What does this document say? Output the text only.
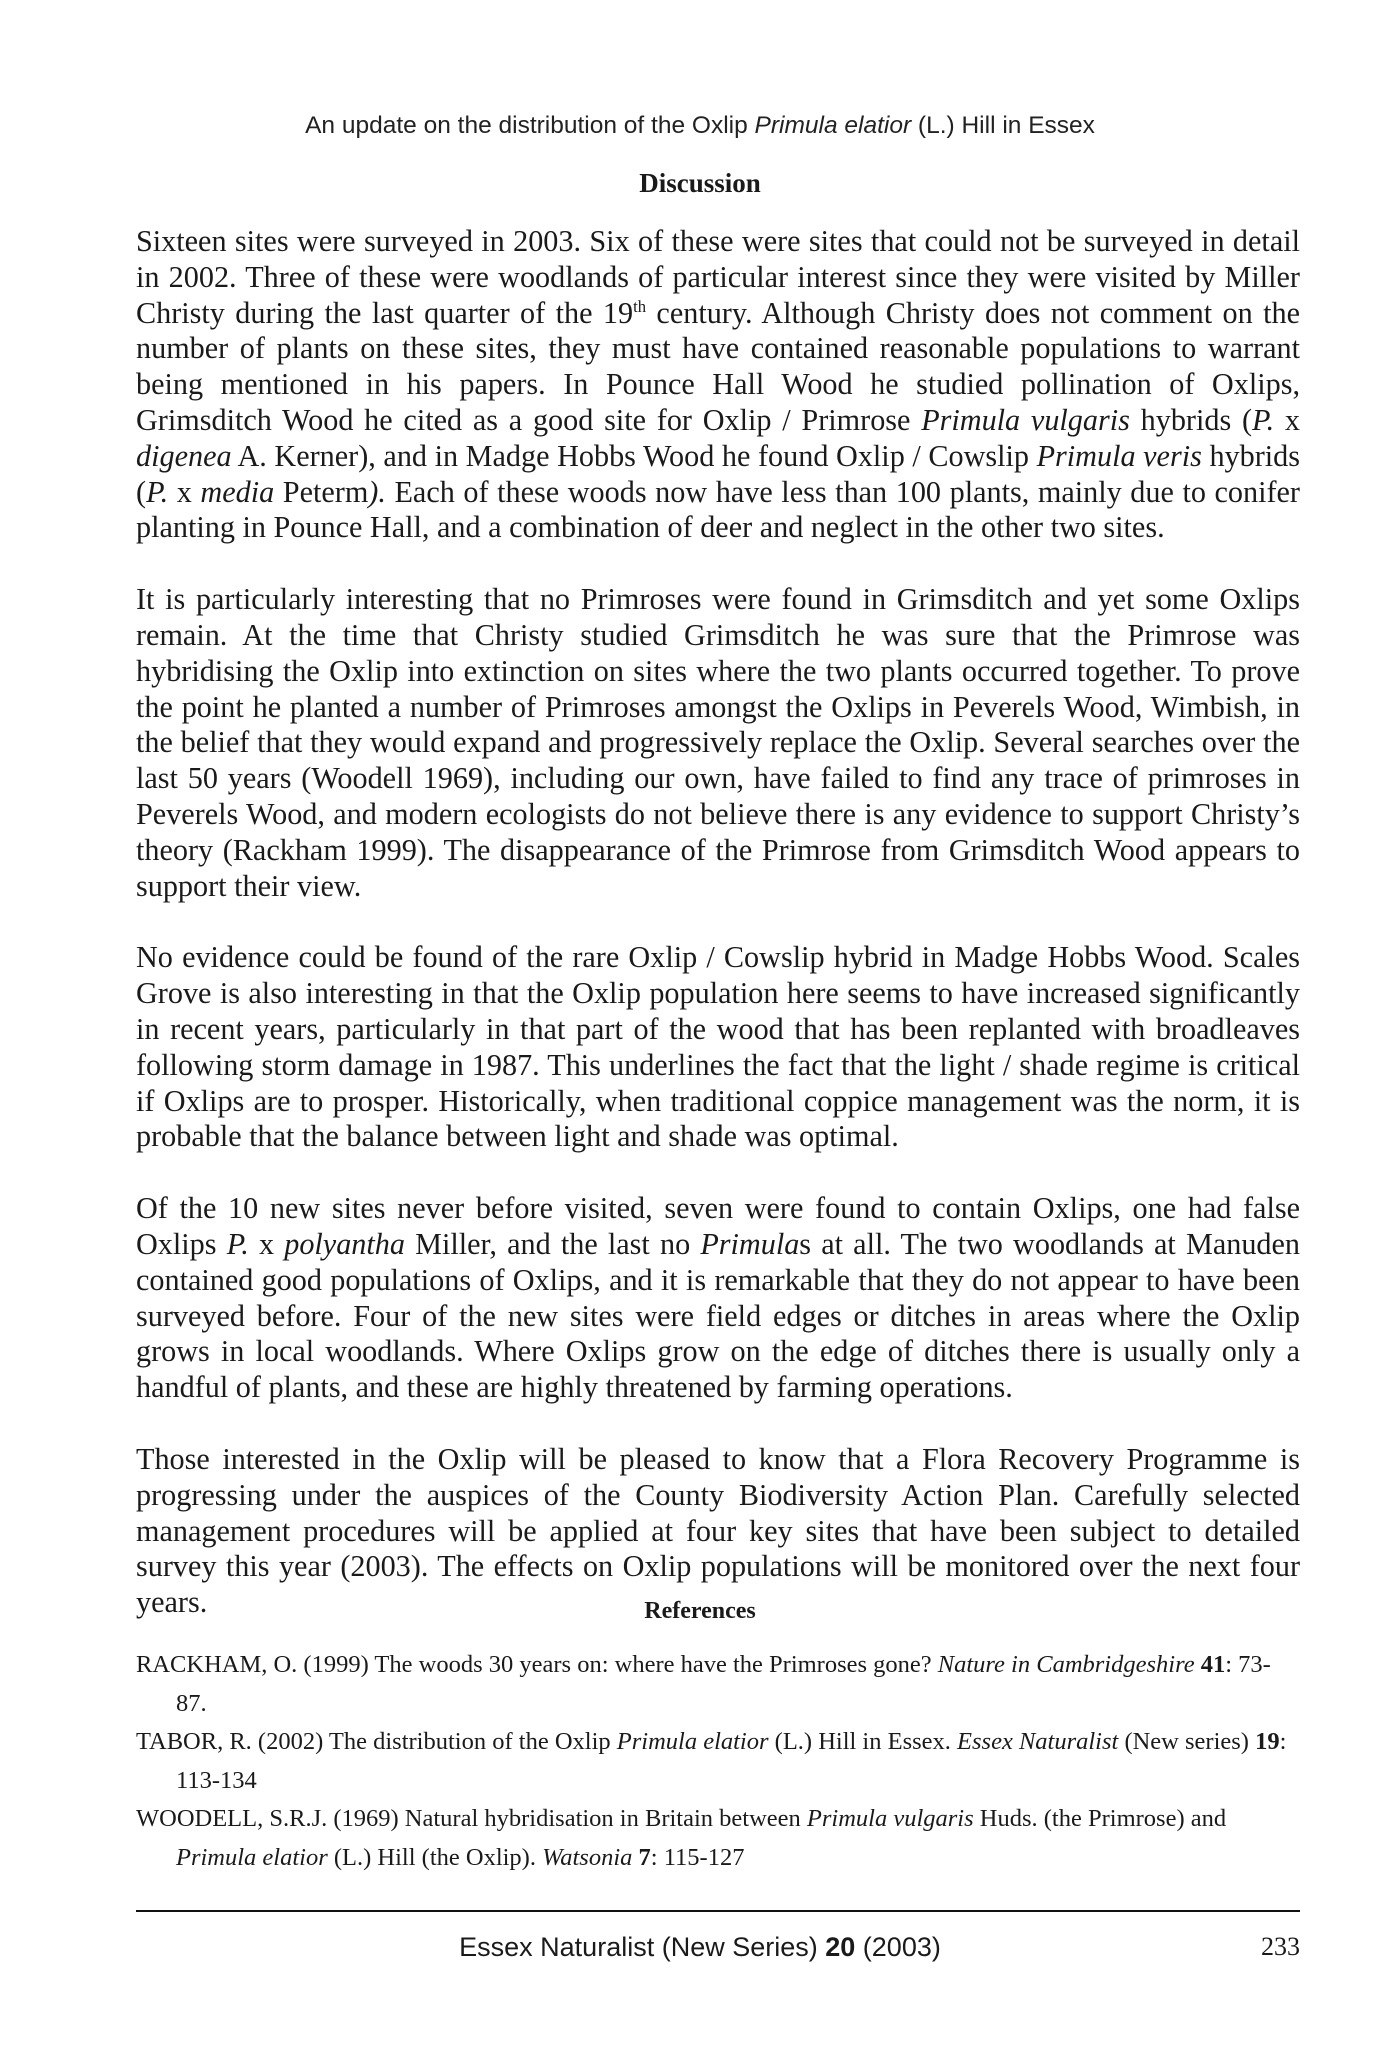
An update on the distribution of the Oxlip Primula elatior (L.) Hill in Essex
Discussion

Sixteen sites were surveyed in 2003. Six of these were sites that could not be surveyed in detail in 2002. Three of these were woodlands of particular interest since they were visited by Miller Christy during the last quarter of the 19th century. Although Christy does not comment on the number of plants on these sites, they must have contained reasonable populations to warrant being mentioned in his papers. In Pounce Hall Wood he studied pollination of Oxlips, Grimsditch Wood he cited as a good site for Oxlip / Primrose Primula vulgaris hybrids (P. x digenea A. Kerner), and in Madge Hobbs Wood he found Oxlip / Cowslip Primula veris hybrids (P. x media Peterm). Each of these woods now have less than 100 plants, mainly due to conifer planting in Pounce Hall, and a combination of deer and neglect in the other two sites.

It is particularly interesting that no Primroses were found in Grimsditch and yet some Oxlips remain. At the time that Christy studied Grimsditch he was sure that the Primrose was hybridising the Oxlip into extinction on sites where the two plants occurred together. To prove the point he planted a number of Primroses amongst the Oxlips in Peverels Wood, Wimbish, in the belief that they would expand and progressively replace the Oxlip. Several searches over the last 50 years (Woodell 1969), including our own, have failed to find any trace of primroses in Peverels Wood, and modern ecologists do not believe there is any evidence to support Christy’s theory (Rackham 1999). The disappearance of the Primrose from Grimsditch Wood appears to support their view.

No evidence could be found of the rare Oxlip / Cowslip hybrid in Madge Hobbs Wood. Scales Grove is also interesting in that the Oxlip population here seems to have increased significantly in recent years, particularly in that part of the wood that has been replanted with broadleaves following storm damage in 1987. This underlines the fact that the light / shade regime is critical if Oxlips are to prosper. Historically, when traditional coppice management was the norm, it is probable that the balance between light and shade was optimal.

Of the 10 new sites never before visited, seven were found to contain Oxlips, one had false Oxlips P. x polyantha Miller, and the last no Primulas at all. The two woodlands at Manuden contained good populations of Oxlips, and it is remarkable that they do not appear to have been surveyed before. Four of the new sites were field edges or ditches in areas where the Oxlip grows in local woodlands. Where Oxlips grow on the edge of ditches there is usually only a handful of plants, and these are highly threatened by farming operations.

Those interested in the Oxlip will be pleased to know that a Flora Recovery Programme is progressing under the auspices of the County Biodiversity Action Plan. Carefully selected management procedures will be applied at four key sites that have been subject to detailed survey this year (2003). The effects on Oxlip populations will be monitored over the next four years.	References

RACKHAM, O. (1999) The woods 30 years on: where have the Primroses gone? Nature in Cambridgeshire 41: 73-87.

TABOR, R. (2002) The distribution of the Oxlip Primula elatior (L.) Hill in Essex. Essex Naturalist (New series) 19: 113-134

WOODELL, S.R.J. (1969) Natural hybridisation in Britain between Primula vulgaris Huds. (the Primrose) and Primula elatior (L.) Hill (the Oxlip). Watsonia 7: 115-127

Essex Naturalist (New Series) 20 (2003)	233
